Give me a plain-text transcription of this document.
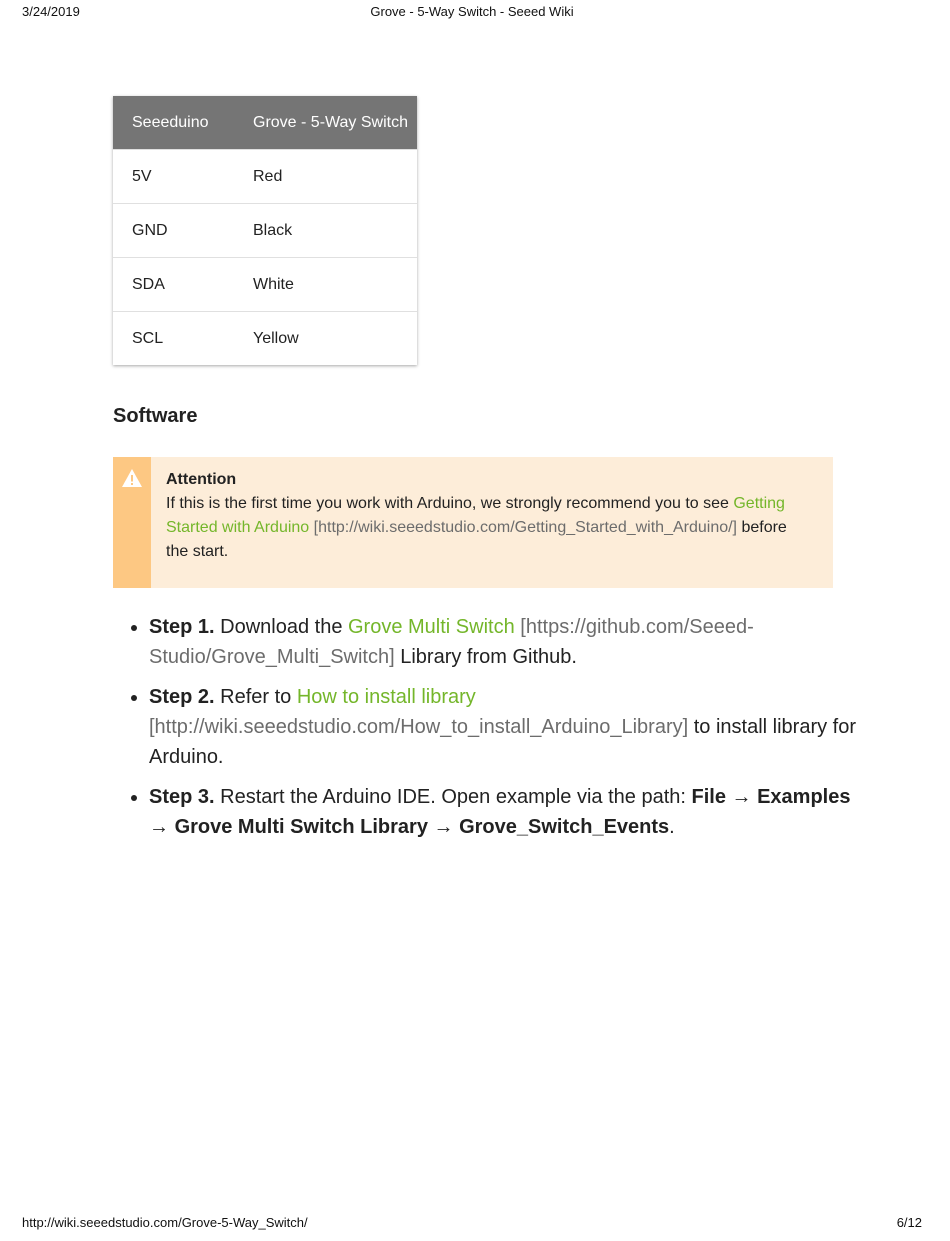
3/24/2019	Grove - 5-Way Switch - Seeed Wiki
Seeeduino	Grove - 5-Way Switch
5V	Red
GND	Black
SDA	White
SCL	Yellow
Software
Attention
If this is the first time you work with Arduino, we strongly recommend you to see Getting Started with Arduino [http://wiki.seeedstudio.com/Getting_Started_with_Arduino/] before the start.
• Step 1. Download the Grove Multi Switch [https://github.com/Seeed-Studio/Grove_Multi_Switch] Library from Github.
• Step 2. Refer to How to install library [http://wiki.seeedstudio.com/How_to_install_Arduino_Library] to install library for Arduino.
• Step 3. Restart the Arduino IDE. Open example via the path: File → Examples → Grove Multi Switch Library → Grove_Switch_Events.
http://wiki.seeedstudio.com/Grove-5-Way_Switch/	6/12
